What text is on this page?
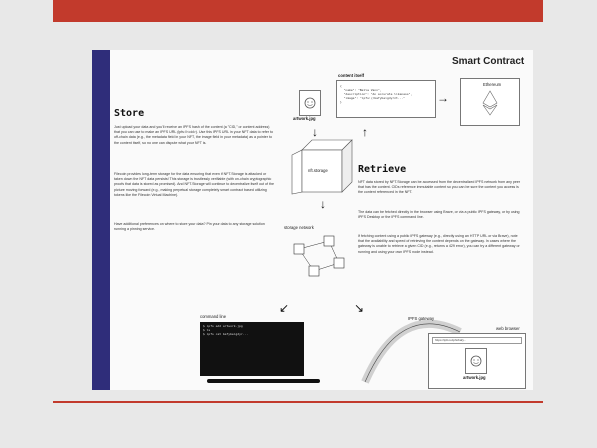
Smart Contract
artwork.jpg
content itself
{
"name": "Bella Vann",
"description": "An accurate likeness",
"image": "ipfs://bafybeigdyrzt..."
}
Ethereum
↓	↑
→
nft.storage
↓
storage network
↙	↘
Store
Just upload your data and you'll receive an IPFS hash of the content (a "CID," or content address) that you can use to make an IPFS URL (ipfs://<cid>). Use this IPFS URL in your NFT data to refer to off-chain data (e.g., the metadata field in your NFT, the image field in your metadata) as a pointer to the content itself, so no one can dispute what your NFT is.
Filecoin provides long-term storage for the data ensuring that even if NFT.Storage is attacked or taken down the NFT data persists! This storage is trustlessly verifiable (with on-chain cryptographic proofs that data is stored as promised). And NFT.Storage will continue to decentralize itself out of the picture moving forward (e.g., making perpetual storage completely smart contract based utilizing tokens like the Filecoin Virtual Machine).
Have additional preferences on where to store your data? Pin your data to any storage solution running a pinning service.
Retrieve
NFT data stored by NFT.Storage can be accessed from the decentralized IPFS network from any peer that has the content. CIDs reference immutable content so you can be sure the content you access is the content referenced in the NFT.
The data can be fetched directly in the browser using Brave, or via a public IPFS gateway, or by using IPFS Desktop or the IPFS command line.
If fetching content using a public IPFS gateway (e.g., directly using an HTTP URL or via Brave), note that the availability and speed of retrieving the content depends on the gateway. In cases where the gateway is unable to retrieve a given CID (e.g., returns a 429 error), you can try a different gateway or running and using your own IPFS node instead.
command line
$ ipfs add artwork.jpg
$ ls
$ ipfs cat bafybeigdyr...
IPFS gateway
web browser
https://ipfs.io/ipfs/bafy...
artwork.jpg
